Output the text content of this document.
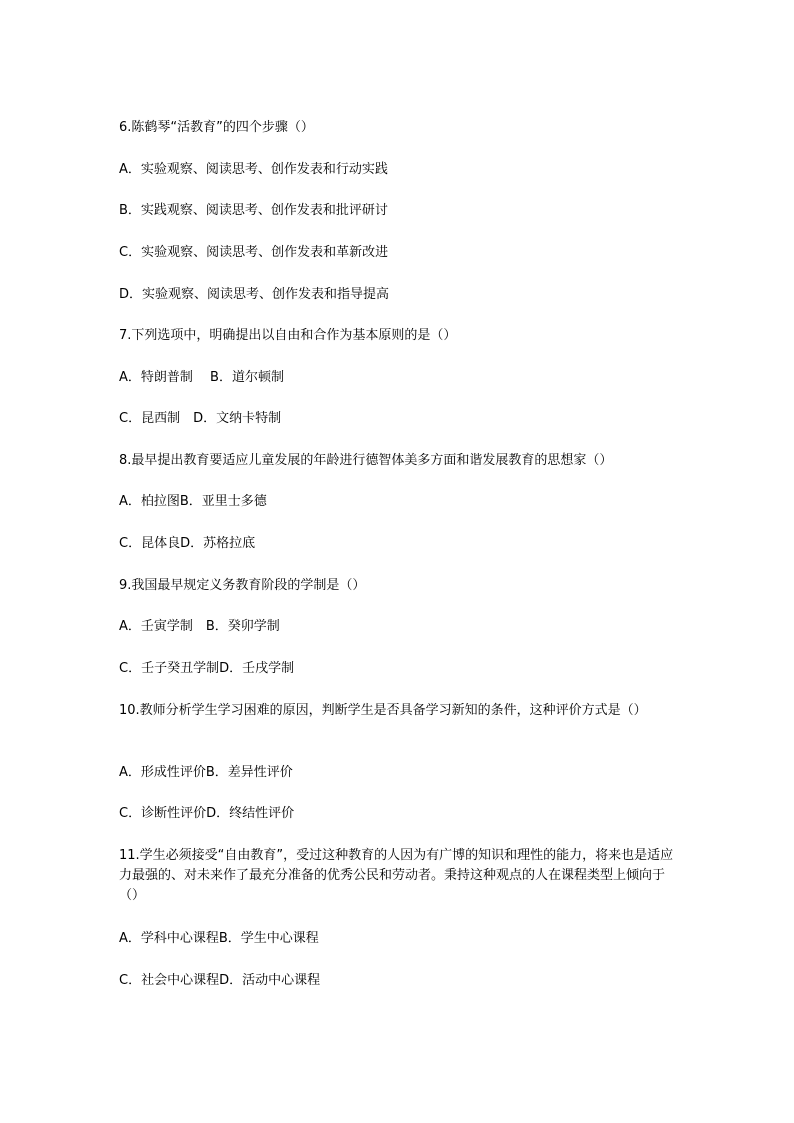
6.陈鹤琴“活教育”的四个步骤（）
A．实验观察、阅读思考、创作发表和行动实践
B．实践观察、阅读思考、创作发表和批评研讨
C．实验观察、阅读思考、创作发表和革新改进
D．实验观察、阅读思考、创作发表和指导提高
7.下列选项中，明确提出以自由和合作为基本原则的是（）
A．特朗普制　 B．道尔顿制
C．昆西制　D．文纳卡特制
8.最早提出教育要适应儿童发展的年龄进行德智体美多方面和谐发展教育的思想家（）
A．柏拉图B．亚里士多德
C．昆体良D．苏格拉底
9.我国最早规定义务教育阶段的学制是（）
A．壬寅学制　B．癸卯学制
C．壬子癸丑学制D．壬戌学制
10.教师分析学生学习困难的原因，判断学生是否具备学习新知的条件，这种评价方式是（）
A．形成性评价B．差异性评价
C．诊断性评价D．终结性评价
11.学生必须接受“自由教育”，受过这种教育的人因为有广博的知识和理性的能力，将来也是适应力最强的、对未来作了最充分准备的优秀公民和劳动者。秉持这种观点的人在课程类型上倾向于（）
A．学科中心课程B．学生中心课程
C．社会中心课程D．活动中心课程
